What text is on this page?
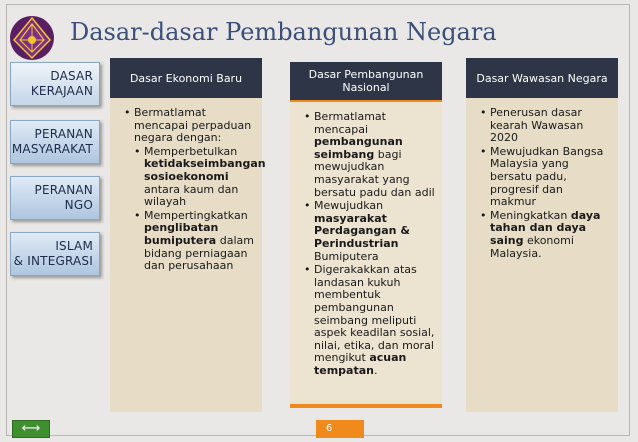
Dasar-dasar Pembangunan Negara
DASAR
KERAJAAN
PERANAN
MASYARAKAT
PERANAN
NGO
ISLAM
& INTEGRASI
Dasar Ekonomi Baru
• Bermatlamat mencapai perpaduan negara dengan:
• Memperbetulkan ketidakseimbangan sosioekonomi antara kaum dan wilayah
• Mempertingkatkan penglibatan bumiputera dalam bidang perniagaan dan perusahaan
Dasar Pembangunan Nasional
• Bermatlamat mencapai pembangunan seimbang bagi mewujudkan masyarakat yang bersatu padu dan adil
• Mewujudkan masyarakat Perdagangan & Perindustrian Bumiputera
• Digerakakkan atas landasan kukuh membentuk pembangunan seimbang meliputi aspek keadilan sosial, nilai, etika, dan moral mengikut acuan tempatan.
Dasar Wawasan Negara
• Penerusan dasar kearah Wawasan 2020
• Mewujudkan Bangsa Malaysia yang bersatu padu, progresif dan makmur
• Meningkatkan daya tahan dan daya saing ekonomi Malaysia.
⟷	6
